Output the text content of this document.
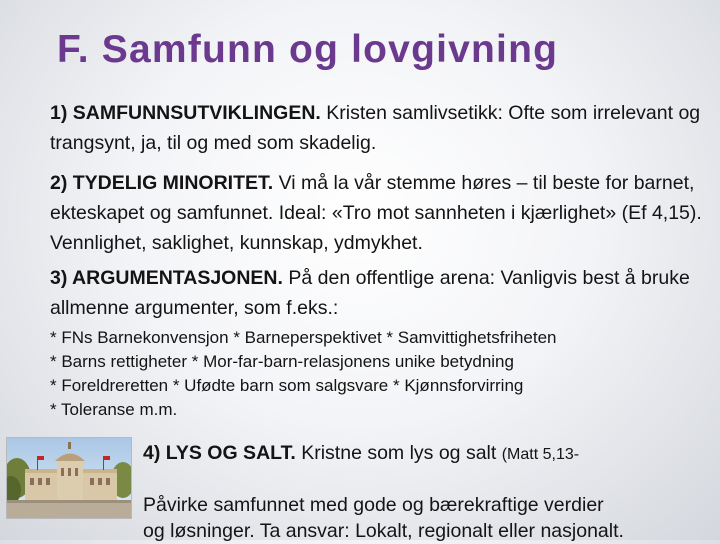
F. Samfunn og lovgivning

1) SAMFUNNSUTVIKLINGEN. Kristen samlivsetikk: Ofte som irrelevant og trangsynt, ja, til og med som skadelig.

2) TYDELIG MINORITET. Vi må la vår stemme høres – til beste for barnet, ekteskapet og samfunnet. Ideal: «Tro mot sannheten i kjærlighet» (Ef 4,15). Vennlighet, saklighet, kunnskap, ydmykhet.

3) ARGUMENTASJONEN. På den offentlige arena: Vanligvis best å bruke allmenne argumenter, som f.eks.:

* FNs Barnekonvensjon * Barneperspektivet * Samvittighetsfriheten
* Barns rettigheter * Mor-far-barn-relasjonens unike betydning
* Foreldreretten * Ufødte barn som salgsvare * Kjønnsforvirring
* Toleranse m.m.

4) LYS OG SALT. Kristne som lys og salt (Matt 5,13-

Påvirke samfunnet med gode og bærekraftige verdier
og løsninger. Ta ansvar: Lokalt, regionalt eller nasjonalt.
